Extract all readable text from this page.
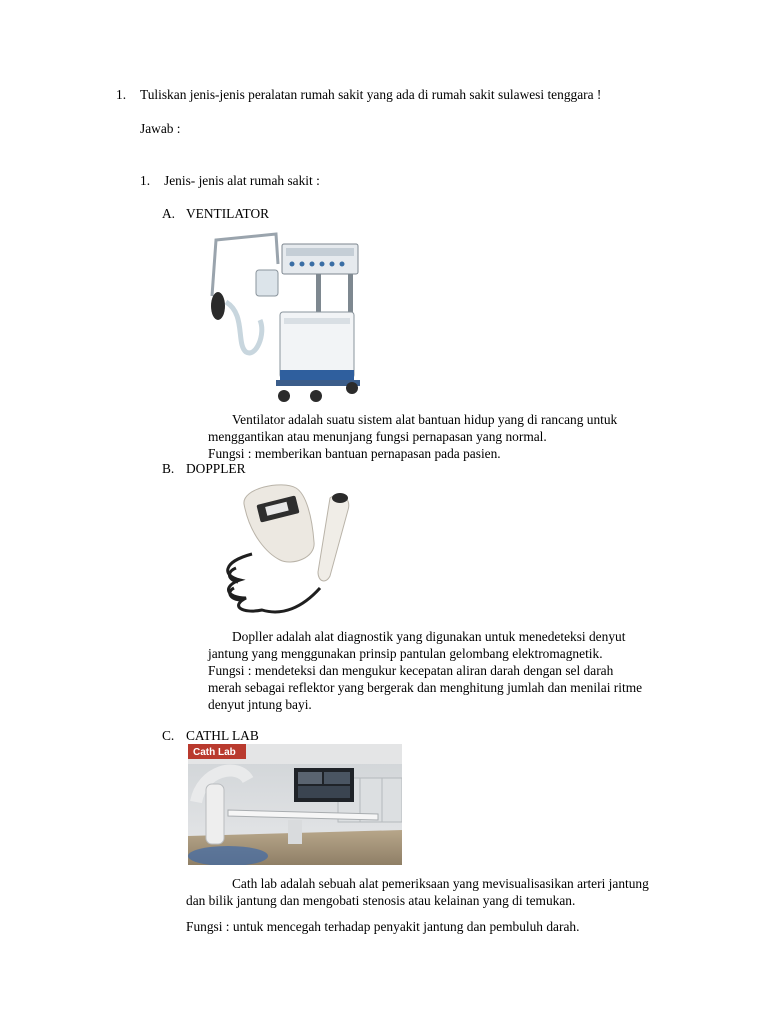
1. Tuliskan jenis-jenis peralatan rumah sakit yang ada di rumah sakit sulawesi tenggara !
Jawab :
1. Jenis- jenis alat rumah sakit :
A. VENTILATOR
Ventilator adalah suatu sistem alat bantuan hidup yang di rancang untuk
menggantikan atau menunjang fungsi pernapasan yang normal.
Fungsi : memberikan bantuan pernapasan pada pasien.
B. DOPPLER
Dopller adalah alat diagnostik yang digunakan untuk menedeteksi denyut
jantung yang menggunakan prinsip pantulan gelombang elektromagnetik.
Fungsi : mendeteksi dan mengukur kecepatan aliran darah dengan sel darah
merah sebagai reflektor yang bergerak dan menghitung jumlah dan menilai ritme
denyut jntung bayi.
C. CATHL LAB
Cath Lab
Cath lab adalah sebuah alat pemeriksaan yang mevisualisasikan arteri jantung
dan bilik jantung dan mengobati stenosis atau kelainan yang di temukan.
Fungsi : untuk mencegah terhadap penyakit jantung dan pembuluh darah.
